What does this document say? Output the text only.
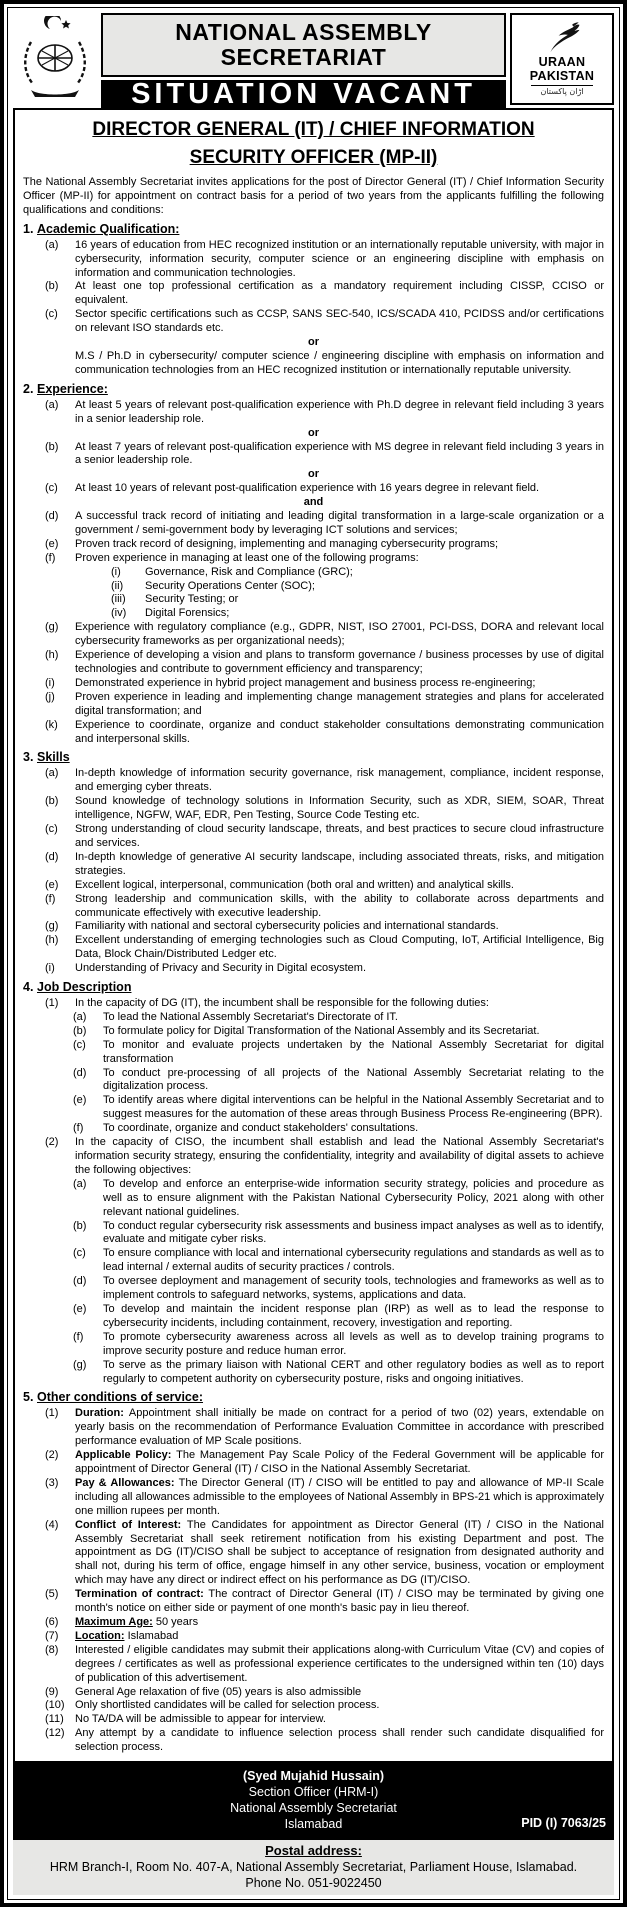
NATIONAL ASSEMBLY SECRETARIAT
SITUATION VACANT
URAAN
PAKISTAN
اڑان پاکستان
DIRECTOR GENERAL (IT) / CHIEF INFORMATION
SECURITY OFFICER (MP-II)
The National Assembly Secretariat invites applications for the post of Director General (IT) / Chief Information Security Officer (MP-II) for appointment on contract basis for a period of two years from the applicants fulfilling the following qualifications and conditions:
1. Academic Qualification:
(a)	16 years of education from HEC recognized institution or an internationally reputable university, with major in cybersecurity, information security, computer science or an engineering discipline with emphasis on information and communication technologies.
(b)	At least one top professional certification as a mandatory requirement including CISSP, CCISO or equivalent.
(c)	Sector specific certifications such as CCSP, SANS SEC-540, ICS/SCADA 410, PCIDSS and/or certifications on relevant ISO standards etc.
or
M.S / Ph.D in cybersecurity/ computer science / engineering discipline with emphasis on information and communication technologies from an HEC recognized institution or internationally reputable university.
2. Experience:
(a)	At least 5 years of relevant post-qualification experience with Ph.D degree in relevant field including 3 years in a senior leadership role.
or
(b)	At least 7 years of relevant post-qualification experience with MS degree in relevant field including 3 years in a senior leadership role.
or
(c)	At least 10 years of relevant post-qualification experience with 16 years degree in relevant field.
and
(d)	A successful track record of initiating and leading digital transformation in a large-scale organization or a government / semi-government body by leveraging ICT solutions and services;
(e)	Proven track record of designing, implementing and managing cybersecurity programs;
(f)	Proven experience in managing at least one of the following programs:
(i)	Governance, Risk and Compliance (GRC);
(ii)	Security Operations Center (SOC);
(iii)	Security Testing; or
(iv)	Digital Forensics;
(g)	Experience with regulatory compliance (e.g., GDPR, NIST, ISO 27001, PCI-DSS, DORA and relevant local cybersecurity frameworks as per organizational needs);
(h)	Experience of developing a vision and plans to transform governance / business processes by use of digital technologies and contribute to government efficiency and transparency;
(i)	Demonstrated experience in hybrid project management and business process re-engineering;
(j)	Proven experience in leading and implementing change management strategies and plans for accelerated digital transformation; and
(k)	Experience to coordinate, organize and conduct stakeholder consultations demonstrating communication and interpersonal skills.
3. Skills
(a)	In-depth knowledge of information security governance, risk management, compliance, incident response, and emerging cyber threats.
(b)	Sound knowledge of technology solutions in Information Security, such as XDR, SIEM, SOAR, Threat intelligence, NGFW, WAF, EDR, Pen Testing, Source Code Testing etc.
(c)	Strong understanding of cloud security landscape, threats, and best practices to secure cloud infrastructure and services.
(d)	In-depth knowledge of generative AI security landscape, including associated threats, risks, and mitigation strategies.
(e)	Excellent logical, interpersonal, communication (both oral and written) and analytical skills.
(f)	Strong leadership and communication skills, with the ability to collaborate across departments and communicate effectively with executive leadership.
(g)	Familiarity with national and sectoral cybersecurity policies and international standards.
(h)	Excellent understanding of emerging technologies such as Cloud Computing, IoT, Artificial Intelligence, Big Data, Block Chain/Distributed Ledger etc.
(i)	Understanding of Privacy and Security in Digital ecosystem.
4. Job Description
(1)	In the capacity of DG (IT), the incumbent shall be responsible for the following duties:
(a)	To lead the National Assembly Secretariat's Directorate of IT.
(b)	To formulate policy for Digital Transformation of the National Assembly and its Secretariat.
(c)	To monitor and evaluate projects undertaken by the National Assembly Secretariat for digital transformation
(d)	To conduct pre-processing of all projects of the National Assembly Secretariat relating to the digitalization process.
(e)	To identify areas where digital interventions can be helpful in the National Assembly Secretariat and to suggest measures for the automation of these areas through Business Process Re-engineering (BPR).
(f)	To coordinate, organize and conduct stakeholders' consultations.
(2)	In the capacity of CISO, the incumbent shall establish and lead the National Assembly Secretariat's information security strategy, ensuring the confidentiality, integrity and availability of digital assets to achieve the following objectives:
(a)	To develop and enforce an enterprise-wide information security strategy, policies and procedure as well as to ensure alignment with the Pakistan National Cybersecurity Policy, 2021 along with other relevant national guidelines.
(b)	To conduct regular cybersecurity risk assessments and business impact analyses as well as to identify, evaluate and mitigate cyber risks.
(c)	To ensure compliance with local and international cybersecurity regulations and standards as well as to lead internal / external audits of security practices / controls.
(d)	To oversee deployment and management of security tools, technologies and frameworks as well as to implement controls to safeguard networks, systems, applications and data.
(e)	To develop and maintain the incident response plan (IRP) as well as to lead the response to cybersecurity incidents, including containment, recovery, investigation and reporting.
(f)	To promote cybersecurity awareness across all levels as well as to develop training programs to improve security posture and reduce human error.
(g)	To serve as the primary liaison with National CERT and other regulatory bodies as well as to report regularly to competent authority on cybersecurity posture, risks and ongoing initiatives.
5. Other conditions of service:
(1)	Duration: Appointment shall initially be made on contract for a period of two (02) years, extendable on yearly basis on the recommendation of Performance Evaluation Committee in accordance with prescribed performance evaluation of MP Scale positions.
(2)	Applicable Policy: The Management Pay Scale Policy of the Federal Government will be applicable for appointment of Director General (IT) / CISO in the National Assembly Secretariat.
(3)	Pay & Allowances: The Director General (IT) / CISO will be entitled to pay and allowance of MP-II Scale including all allowances admissible to the employees of National Assembly in BPS-21 which is approximately one million rupees per month.
(4)	Conflict of Interest: The Candidates for appointment as Director General (IT) / CISO in the National Assembly Secretariat shall seek retirement notification from his existing Department and post. The appointment as DG (IT)/CISO shall be subject to acceptance of resignation from designated authority and shall not, during his term of office, engage himself in any other service, business, vocation or employment which may have any direct or indirect effect on his performance as DG (IT)/CISO.
(5)	Termination of contract: The contract of Director General (IT) / CISO may be terminated by giving one month's notice on either side or payment of one month's basic pay in lieu thereof.
(6)	Maximum Age: 50 years
(7)	Location: Islamabad
(8)	Interested / eligible candidates may submit their applications along-with Curriculum Vitae (CV) and copies of degrees / certificates as well as professional experience certificates to the undersigned within ten (10) days of publication of this advertisement.
(9)	General Age relaxation of five (05) years is also admissible
(10) Only shortlisted candidates will be called for selection process.
(11)	No TA/DA will be admissible to appear for interview.
(12) Any attempt by a candidate to influence selection process shall render such candidate disqualified for selection process.
(Syed Mujahid Hussain)
Section Officer (HRM-I)
National Assembly Secretariat
Islamabad	PID (I) 7063/25
Postal address:
HRM Branch-I, Room No. 407-A, National Assembly Secretariat, Parliament House, Islamabad.
Phone No. 051-9022450
